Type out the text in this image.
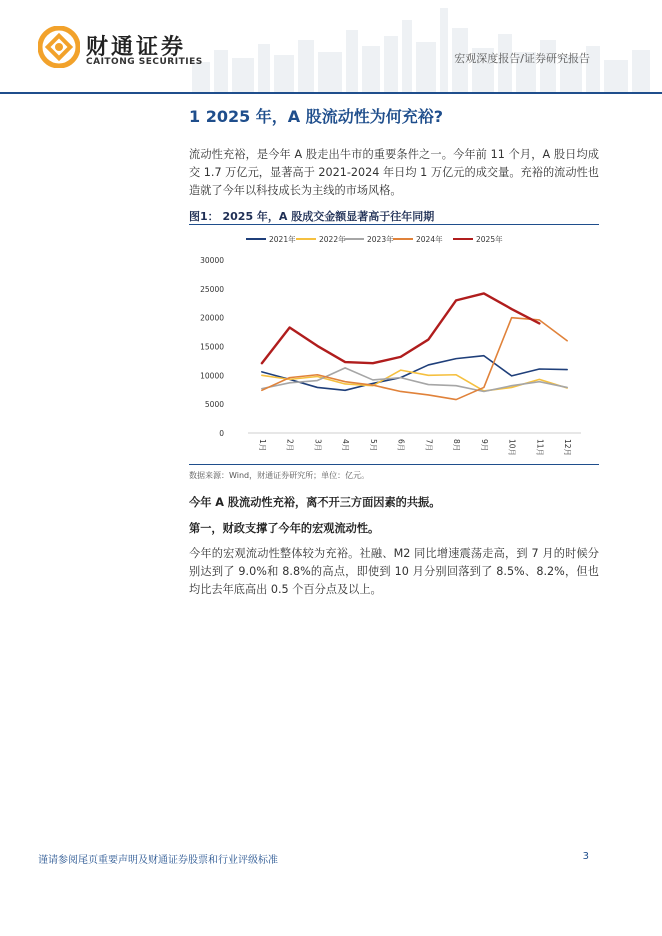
财通证券
CAITONG SECURITIES	宏观深度报告/证券研究报告
1 2025 年，A 股流动性为何充裕?
流动性充裕，是今年 A 股走出牛市的重要条件之一。今年前 11 个月，A 股日均成交 1.7 万亿元，显著高于 2021-2024 年日均 1 万亿元的成交量。充裕的流动性也造就了今年以科技成长为主线的市场风格。
图1： 2025 年，A 股成交金额显著高于往年同期
30000
25000
20000
15000
10000
5000
0
1月	2月	3月	4月	5月	6月	7月	8月	9月	10月	11月	12月
2021年	2022年	2023年	2024年	2025年
数据来源：Wind，财通证券研究所；单位：亿元。
今年 A 股流动性充裕，离不开三方面因素的共振。
第一，财政支撑了今年的宏观流动性。
今年的宏观流动性整体较为充裕。社融、M2 同比增速震荡走高，到 7 月的时候分别达到了 9.0%和 8.8%的高点，即使到 10 月分别回落到了 8.5%、8.2%，但也均比去年底高出 0.5 个百分点及以上。
谨请参阅尾页重要声明及财通证券股票和行业评级标准	3
